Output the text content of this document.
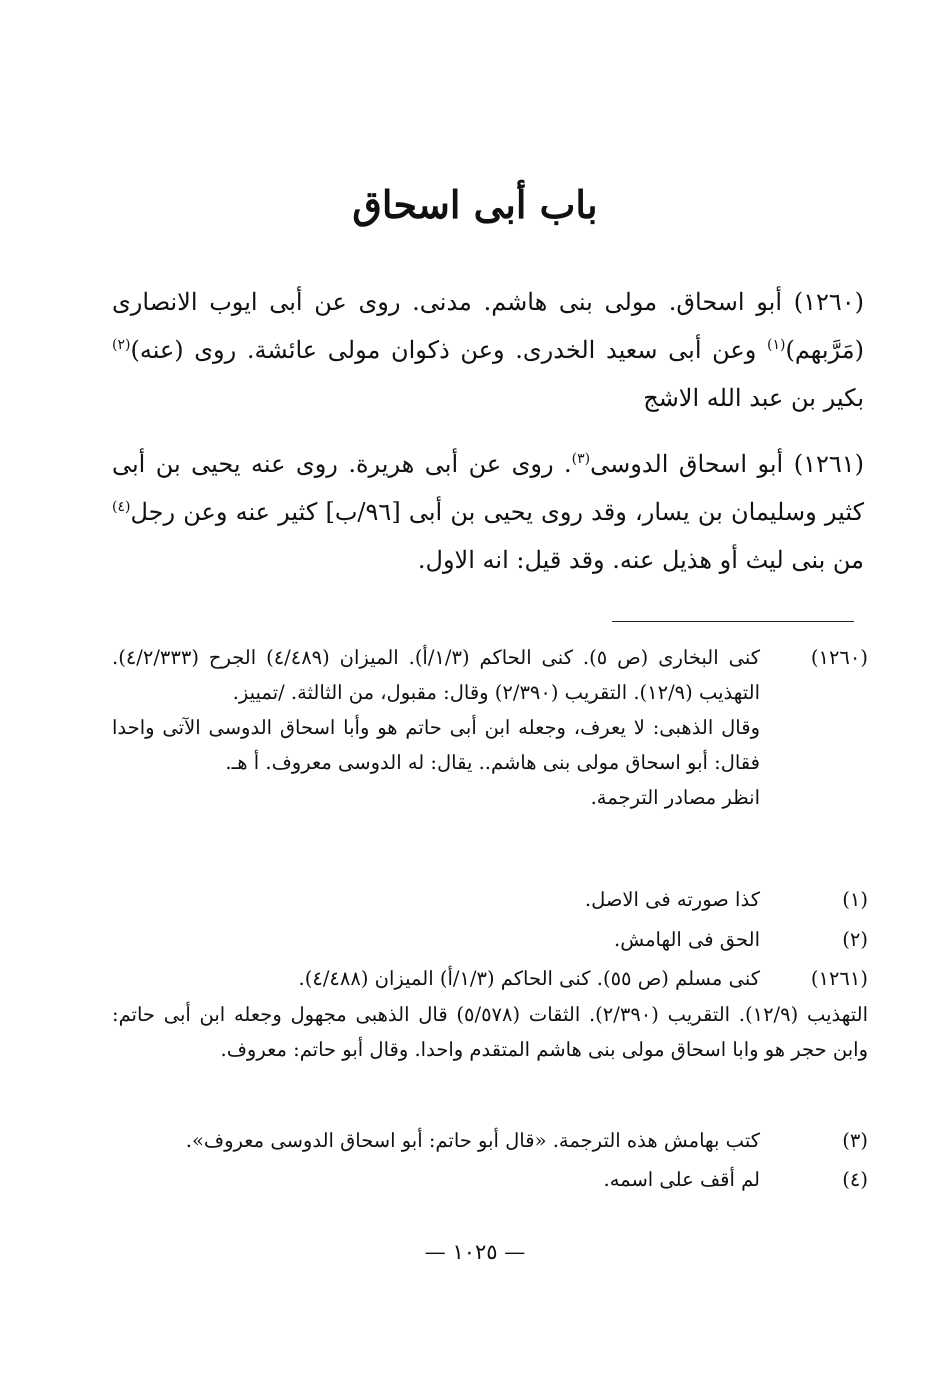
باب أبى اسحاق
(١٢٦٠) أبو اسحاق. مولى بنى هاشم. مدنى. روى عن أبى ايوب الانصارى (مَرَّبهم)$^{(١)}$ وعن أبى سعيد الخدرى. وعن ذكوان مولى عائشة. روى (عنه)$^{(٢)}$ بكير بن عبد الله الاشج
(١٢٦١) أبو اسحاق الدوسى$^{(٣)}$. روى عن أبى هريرة. روى عنه يحيى بن أبى كثير وسليمان بن يسار، وقد روى يحيى بن أبى [٩٦/ب] كثير عنه وعن رجل$^{(٤)}$ من بنى ليث أو هذيل عنه. وقد قيل: انه الاول.
(١٢٦٠)
كنى البخارى (ص ٥). كنى الحاكم (١/٣/أ). الميزان (٤/٤٨٩) الجرح (٤/٢/٣٣٣). التهذيب (١٢/٩). التقريب (٢/٣٩٠) وقال: مقبول، من الثالثة. /تمييز.
وقال الذهبى: لا يعرف، وجعله ابن أبى حاتم هو وأبا اسحاق الدوسى الآتى واحدا فقال: أبو اسحاق مولى بنى هاشم.. يقال: له الدوسى معروف. أ هـ.
انظر مصادر الترجمة.
(١)
كذا صورته فى الاصل.
(٢)
الحق فى الهامش.
(١٢٦١)
كنى مسلم (ص ٥٥). كنى الحاكم (١/٣/أ) الميزان (٤/٤٨٨).
التهذيب (١٢/٩). التقريب (٢/٣٩٠). الثقات (٥/٥٧٨) قال الذهبى مجهول وجعله ابن أبى حاتم: وابن حجر هو وابا اسحاق مولى بنى هاشم المتقدم واحدا. وقال أبو حاتم: معروف.
(٣)
كتب بهامش هذه الترجمة. «قال أبو حاتم: أبو اسحاق الدوسى معروف».
(٤)
لم أقف على اسمه.
— ١٠٢٥ —
